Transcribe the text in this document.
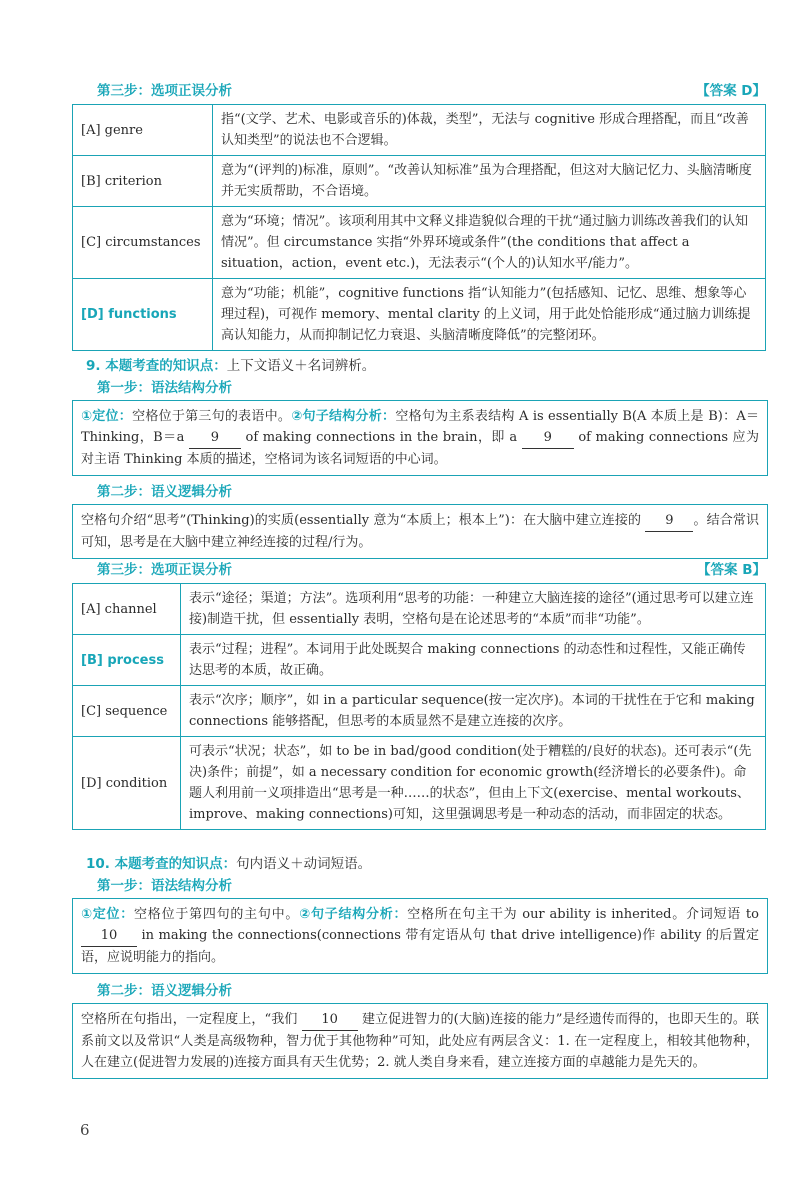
第三步：选项正误分析	【答案 D】
[A] genre	指“(文学、艺术、电影或音乐的)体裁，类型”，无法与 cognitive 形成合理搭配，而且“改善认知类型”的说法也不合逻辑。
[B] criterion	意为“(评判的)标准，原则”。“改善认知标准”虽为合理搭配，但这对大脑记忆力、头脑清晰度并无实质帮助，不合语境。
[C] circumstances	意为“环境；情况”。该项利用其中文释义排造貌似合理的干扰“通过脑力训练改善我们的认知情况”。但 circumstance 实指“外界环境或条件”(the conditions that affect a situation，action，event etc.)，无法表示“(个人的)认知水平/能力”。
[D] functions	意为“功能；机能”，cognitive functions 指“认知能力”(包括感知、记忆、思维、想象等心理过程)，可视作 memory、mental clarity 的上义词，用于此处恰能形成“通过脑力训练提高认知能力，从而抑制记忆力衰退、头脑清晰度降低”的完整闭环。
9. 本题考查的知识点：上下文语义＋名词辨析。
第一步：语法结构分析
①定位：空格位于第三句的表语中。②句子结构分析：空格句为主系表结构 A is essentially B(A 本质上是 B)：A＝Thinking，B＝a 9 of making connections in the brain，即 a 9 of making connections 应为对主语 Thinking 本质的描述，空格词为该名词短语的中心词。
第二步：语义逻辑分析
空格句介绍“思考”(Thinking)的实质(essentially 意为“本质上；根本上”)：在大脑中建立连接的 9 。结合常识可知，思考是在大脑中建立神经连接的过程/行为。
第三步：选项正误分析	【答案 B】
[A] channel	表示“途径；渠道；方法”。选项利用“思考的功能：一种建立大脑连接的途径”(通过思考可以建立连接)制造干扰，但 essentially 表明，空格句是在论述思考的“本质”而非“功能”。
[B] process	表示“过程；进程”。本词用于此处既契合 making connections 的动态性和过程性，又能正确传达思考的本质，故正确。
[C] sequence	表示“次序；顺序”，如 in a particular sequence(按一定次序)。本词的干扰性在于它和 making connections 能够搭配，但思考的本质显然不是建立连接的次序。
[D] condition	可表示“状况；状态”，如 to be in bad/good condition(处于糟糕的/良好的状态)。还可表示“(先决)条件；前提”，如 a necessary condition for economic growth(经济增长的必要条件)。命题人利用前一义项排造出“思考是一种……的状态”，但由上下文(exercise、mental workouts、improve、making connections)可知，这里强调思考是一种动态的活动，而非固定的状态。
10. 本题考查的知识点：句内语义＋动词短语。
第一步：语法结构分析
①定位：空格位于第四句的主句中。②句子结构分析：空格所在句主干为 our ability is inherited。介词短语 to 10 in making the connections(connections 带有定语从句 that drive intelligence)作 ability 的后置定语，应说明能力的指向。
第二步：语义逻辑分析
空格所在句指出，一定程度上，“我们 10 建立促进智力的(大脑)连接的能力”是经遗传而得的，也即天生的。联系前文以及常识“人类是高级物种，智力优于其他物种”可知，此处应有两层含义：1. 在一定程度上，相较其他物种，人在建立(促进智力发展的)连接方面具有天生优势；2. 就人类自身来看，建立连接方面的卓越能力是先天的。
6
